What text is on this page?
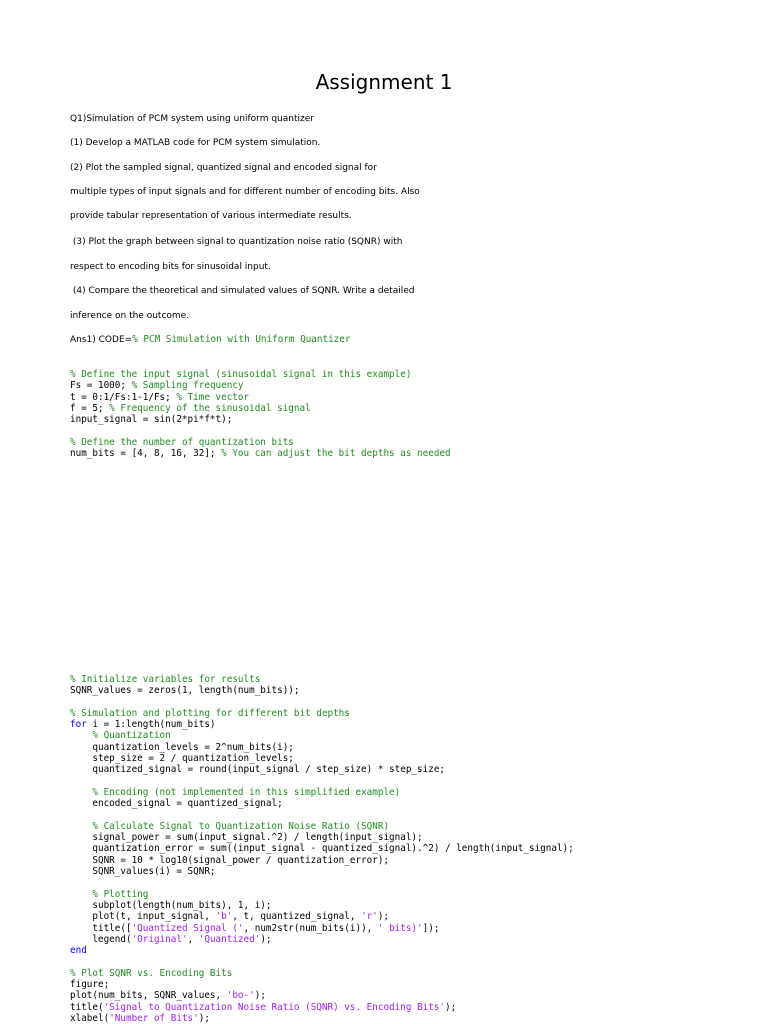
Assignment 1
Q1)Simulation of PCM system using uniform quantizer
(1) Develop a MATLAB code for PCM system simulation.
(2) Plot the sampled signal, quantized signal and encoded signal for
multiple types of input signals and for different number of encoding bits. Also
provide tabular representation of various intermediate results.
(3) Plot the graph between signal to quantization noise ratio (SQNR) with
respect to encoding bits for sinusoidal input.
(4) Compare the theoretical and simulated values of SQNR. Write a detailed
inference on the outcome.
Ans1) CODE=% PCM Simulation with Uniform Quantizer
% Define the input signal (sinusoidal signal in this example)
Fs = 1000; % Sampling frequency
t = 0:1/Fs:1-1/Fs; % Time vector
f = 5; % Frequency of the sinusoidal signal
input_signal = sin(2*pi*f*t);

% Define the number of quantization bits
num_bits = [4, 8, 16, 32]; % You can adjust the bit depths as needed
% Initialize variables for results
SQNR_values = zeros(1, length(num_bits));

% Simulation and plotting for different bit depths
for i = 1:length(num_bits)
% Quantization
quantization_levels = 2^num_bits(i);
step_size = 2 / quantization_levels;
quantized_signal = round(input_signal / step_size) * step_size;

% Encoding (not implemented in this simplified example)
encoded_signal = quantized_signal;

% Calculate Signal to Quantization Noise Ratio (SQNR)
signal_power = sum(input_signal.^2) / length(input_signal);
quantization_error = sum((input_signal - quantized_signal).^2) / length(input_signal);
SQNR = 10 * log10(signal_power / quantization_error);
SQNR_values(i) = SQNR;

% Plotting
subplot(length(num_bits), 1, i);
plot(t, input_signal, 'b', t, quantized_signal, 'r');
title(['Quantized Signal (', num2str(num_bits(i)), ' bits)']);
legend('Original', 'Quantized');
end

% Plot SQNR vs. Encoding Bits
figure;
plot(num_bits, SQNR_values, 'bo-');
title('Signal to Quantization Noise Ratio (SQNR) vs. Encoding Bits');
xlabel('Number of Bits');
